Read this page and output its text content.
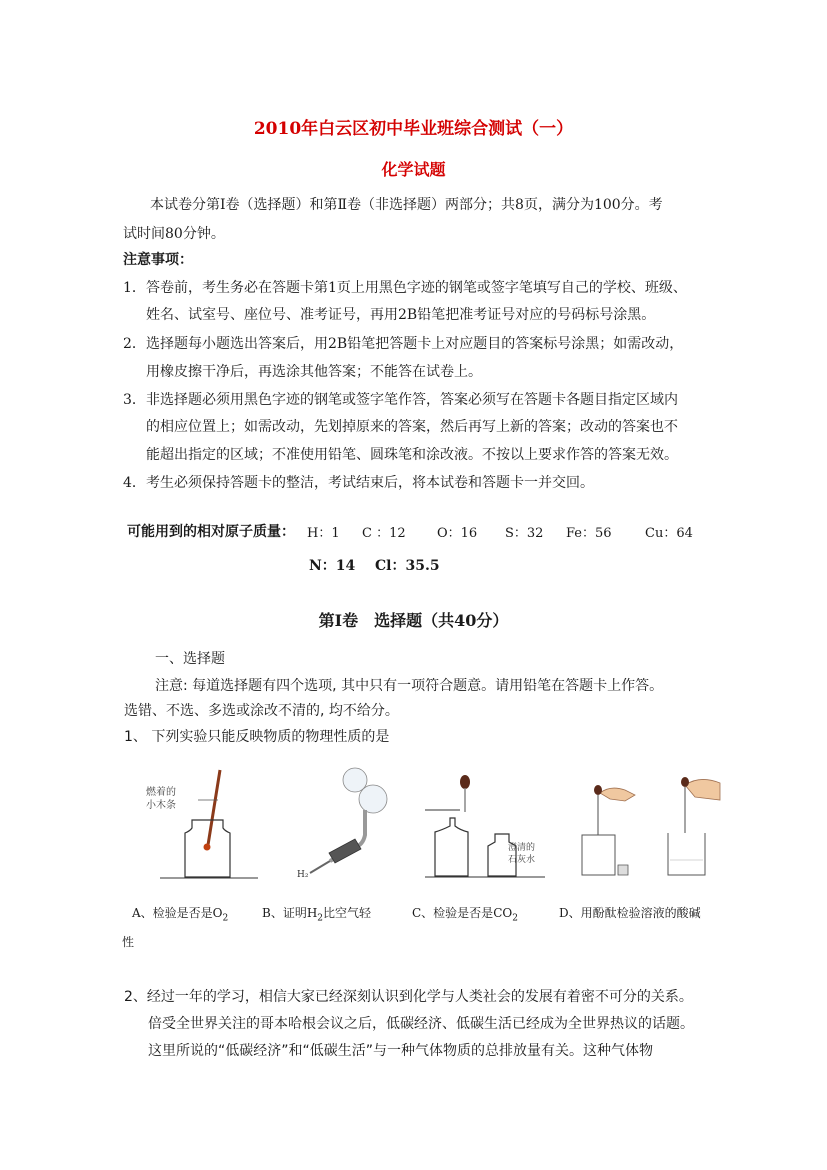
2010年白云区初中毕业班综合测试（一）
化学试题
本试卷分第Ⅰ卷（选择题）和第Ⅱ卷（非选择题）两部分；共8页，满分为100分。考
试时间80分钟。
注意事项：
1． 答卷前，考生务必在答题卡第1页上用黑色字迹的钢笔或签字笔填写自己的学校、班级、
姓名、试室号、座位号、准考证号，再用2B铅笔把准考证号对应的号码标号涂黑。
2． 选择题每小题选出答案后，用2B铅笔把答题卡上对应题目的答案标号涂黑；如需改动，
用橡皮擦干净后，再选涂其他答案；不能答在试卷上。
3． 非选择题必须用黑色字迹的钢笔或签字笔作答，答案必须写在答题卡各题目指定区域内
的相应位置上；如需改动，先划掉原来的答案，然后再写上新的答案；改动的答案也不
能超出指定的区域；不准使用铅笔、圆珠笔和涂改液。不按以上要求作答的答案无效。
4． 考生必须保持答题卡的整洁，考试结束后，将本试卷和答题卡一并交回。
可能用到的相对原子质量： H：1 C ：12 O：16 S：32 Fe：56	Cu：64
N：14 Cl：35.5
第Ⅰ卷　选择题（共40分）
一、选择题
注意: 每道选择题有四个选项, 其中只有一项符合题意。请用铅笔在答题卡上作答。
选错、不选、多选或涂改不清的, 均不给分。
1、 下列实验只能反映物质的物理性质的是
燃着的
小木条
H₂
澄清的
石灰水
A、检验是否是$O_2$	B、证明$H_2$比空气轻	C、检验是否是$CO_2$	D、用酚酞检验溶液的酸碱
性
2、经过一年的学习，相信大家已经深刻认识到化学与人类社会的发展有着密不可分的关系。
倍受全世界关注的哥本哈根会议之后，低碳经济、低碳生活已经成为全世界热议的话题。
这里所说的“低碳经济”和“低碳生活”与一种气体物质的总排放量有关。这种气体物
